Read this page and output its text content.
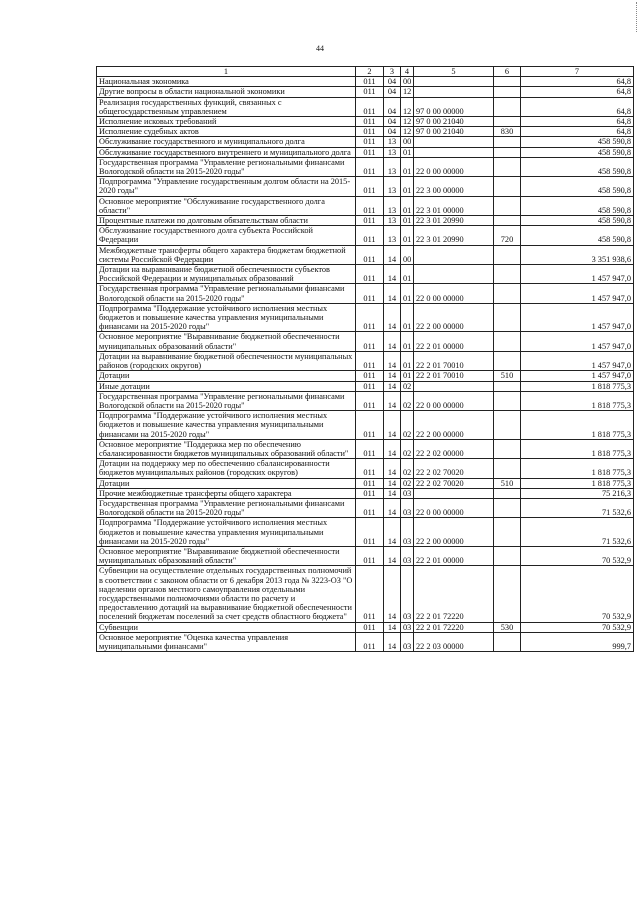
44
1	2	3	4	5	6	7
Национальная экономика	011	04	00			64,8
Другие вопросы в области национальной экономики	011	04	12			64,8
Реализация государственных функций, связанных с общегосударственным управлением	011	04	12	97 0 00 00000		64,8
Исполнение исковых требований	011	04	12	97 0 00 21040		64,8
Исполнение судебных актов	011	04	12	97 0 00 21040	830	64,8
Обслуживание государственного и муниципального долга	011	13	00			458 590,8
Обслуживание государственного внутреннего и муниципального долга	011	13	01			458 590,8
Государственная программа "Управление региональными финансами Вологодской области на 2015-2020 годы"	011	13	01	22 0 00 00000		458 590,8
Подпрограмма "Управление государственным долгом области на 2015-2020 годы"	011	13	01	22 3 00 00000		458 590,8
Основное мероприятие "Обслуживание государственного долга области"	011	13	01	22 3 01 00000		458 590,8
Процентные платежи по долговым обязательствам области	011	13	01	22 3 01 20990		458 590,8
Обслуживание государственного долга субъекта Российской Федерации	011	13	01	22 3 01 20990	720	458 590,8
Межбюджетные трансферты общего характера бюджетам бюджетной системы Российской Федерации	011	14	00			3 351 938,6
Дотации на выравнивание бюджетной обеспеченности субъектов Российской Федерации и муниципальных образований	011	14	01			1 457 947,0
Государственная программа "Управление региональными финансами Вологодской области на 2015-2020 годы"	011	14	01	22 0 00 00000		1 457 947,0
Подпрограмма "Поддержание устойчивого исполнения местных бюджетов и повышение качества управления муниципальными финансами на 2015-2020 годы"	011	14	01	22 2 00 00000		1 457 947,0
Основное мероприятие "Выравнивание бюджетной обеспеченности муниципальных образований области"	011	14	01	22 2 01 00000		1 457 947,0
Дотации на выравнивание бюджетной обеспеченности муниципальных районов (городских округов)	011	14	01	22 2 01 70010		1 457 947,0
Дотации	011	14	01	22 2 01 70010	510	1 457 947,0
Иные дотации	011	14	02			1 818 775,3
Государственная программа "Управление региональными финансами Вологодской области на 2015-2020 годы"	011	14	02	22 0 00 00000		1 818 775,3
Подпрограмма "Поддержание устойчивого исполнения местных бюджетов и повышение качества управления муниципальными финансами на 2015-2020 годы"	011	14	02	22 2 00 00000		1 818 775,3
Основное мероприятие "Поддержка мер по обеспечению сбалансированности бюджетов муниципальных образований области"	011	14	02	22 2 02 00000		1 818 775,3
Дотации на поддержку мер по обеспечению сбалансированности бюджетов муниципальных районов (городских округов)	011	14	02	22 2 02 70020		1 818 775,3
Дотации	011	14	02	22 2 02 70020	510	1 818 775,3
Прочие межбюджетные трансферты общего характера	011	14	03			75 216,3
Государственная программа "Управление региональными финансами Вологодской области на 2015-2020 годы"	011	14	03	22 0 00 00000		71 532,6
Подпрограмма "Поддержание устойчивого исполнения местных бюджетов и повышение качества управления муниципальными финансами на 2015-2020 годы"	011	14	03	22 2 00 00000		71 532,6
Основное мероприятие "Выравнивание бюджетной обеспеченности муниципальных образований области"	011	14	03	22 2 01 00000		70 532,9
Субвенции на осуществление отдельных государственных полномочий в соответствии с законом области от 6 декабря 2013 года № 3223-ОЗ "О наделении органов местного самоуправления отдельными государственными полномочиями области по расчету и предоставлению дотаций на выравнивание бюджетной обеспеченности поселений бюджетам поселений за счет средств областного бюджета"	011	14	03	22 2 01 72220		70 532,9
Субвенции	011	14	03	22 2 01 72220	530	70 532,9
Основное мероприятие "Оценка качества управления муниципальными финансами"	011	14	03	22 2 03 00000		999,7
